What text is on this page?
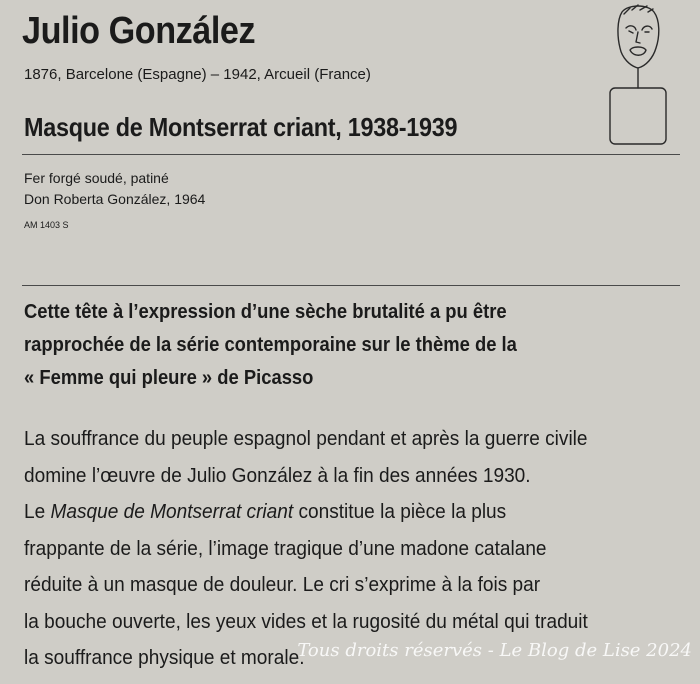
Julio González
1876, Barcelone (Espagne) – 1942, Arcueil (France)
Masque de Montserrat criant, 1938-1939
Fer forgé soudé, patiné
Don Roberta González, 1964
AM 1403 S
Cette tête à l’expression d’une sèche brutalité a pu être
rapprochée de la série contemporaine sur le thème de la
« Femme qui pleure » de Picasso
La souffrance du peuple espagnol pendant et après la guerre civile
domine l’œuvre de Julio González à la fin des années 1930.
Le Masque de Montserrat criant constitue la pièce la plus
frappante de la série, l’image tragique d’une madone catalane
réduite à un masque de douleur. Le cri s’exprime à la fois par
la bouche ouverte, les yeux vides et la rugosité du métal qui traduit
la souffrance physique et morale.
Tous droits réservés - Le Blog de Lise 2024
